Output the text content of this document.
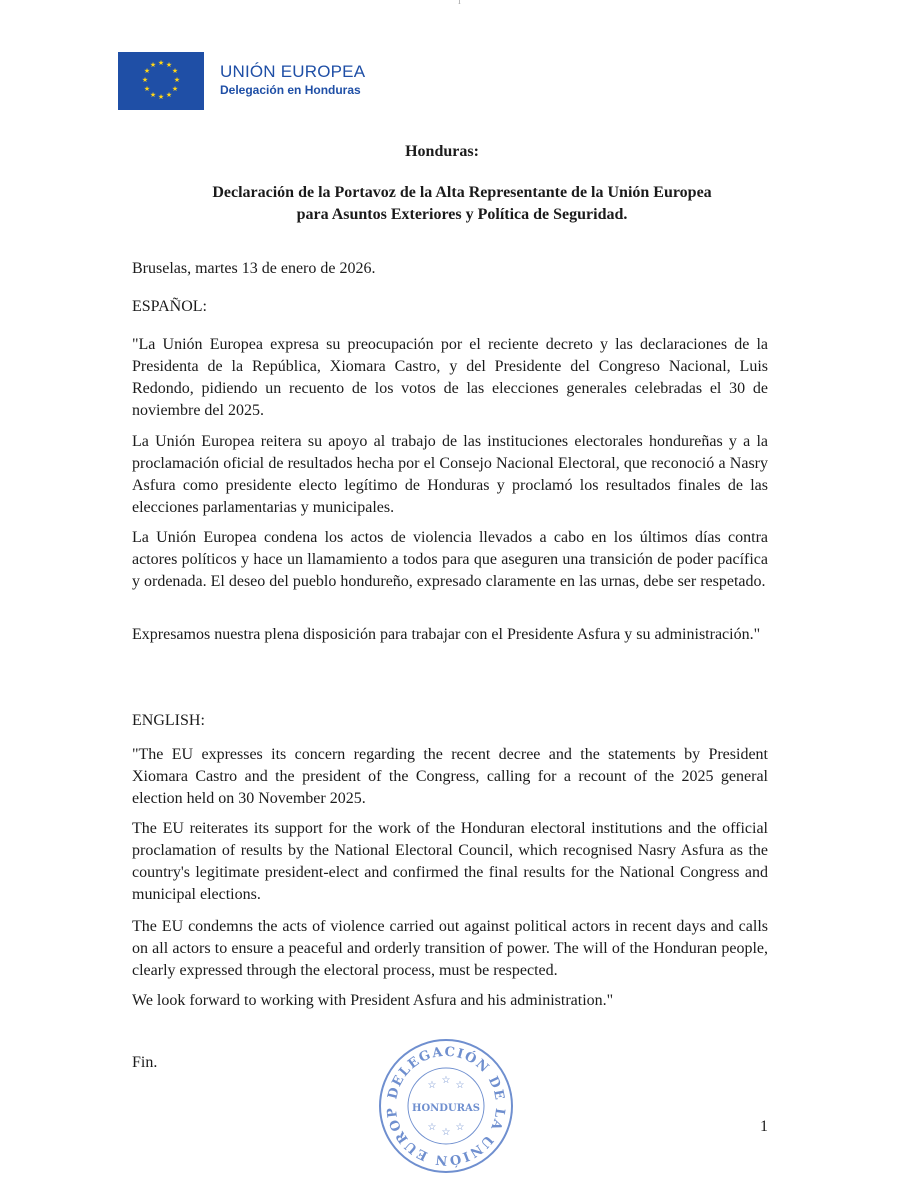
★ ★
★
★
★
★
★
★
★
★
★
★	UNIÓN EUROPEA
Delegación en Honduras
Honduras:
Declaración de la Portavoz de la Alta Representante de la Unión Europea
para Asuntos Exteriores y Política de Seguridad.
Bruselas, martes 13 de enero de 2026.
ESPAÑOL:

"La Unión Europea expresa su preocupación por el reciente decreto y las declaraciones de la Presidenta de la República, Xiomara Castro, y del Presidente del Congreso Nacional, Luis Redondo, pidiendo un recuento de los votos de las elecciones generales celebradas el 30 de noviembre del 2025.

La Unión Europea reitera su apoyo al trabajo de las instituciones electorales hondureñas y a la proclamación oficial de resultados hecha por el Consejo Nacional Electoral, que reconoció a Nasry Asfura como presidente electo legítimo de Honduras y proclamó los resultados finales de las elecciones parlamentarias y municipales.

La Unión Europea condena los actos de violencia llevados a cabo en los últimos días contra actores políticos y hace un llamamiento a todos para que aseguren una transición de poder pacífica y ordenada. El deseo del pueblo hondureño, expresado claramente en las urnas, debe ser respetado.

Expresamos nuestra plena disposición para trabajar con el Presidente Asfura y su administración."

ENGLISH:

"The EU expresses its concern regarding the recent decree and the statements by President Xiomara Castro and the president of the Congress, calling for a recount of the 2025 general election held on 30 November 2025.

The EU reiterates its support for the work of the Honduran electoral institutions and the official proclamation of results by the National Electoral Council, which recognised Nasry Asfura as the country's legitimate president-elect and confirmed the final results for the National Congress and municipal elections.

The EU condemns the acts of violence carried out against political actors in recent days and calls on all actors to ensure a peaceful and orderly transition of power. The will of the Honduran people, clearly expressed through the electoral process, must be respected.

We look forward to working with President Asfura and his administration."

Fin.
DELEGACIÓN DE LA UNIÓN EUROP
☆ ☆ ☆
☆ ☆ ☆
HONDURAS
1
ı
